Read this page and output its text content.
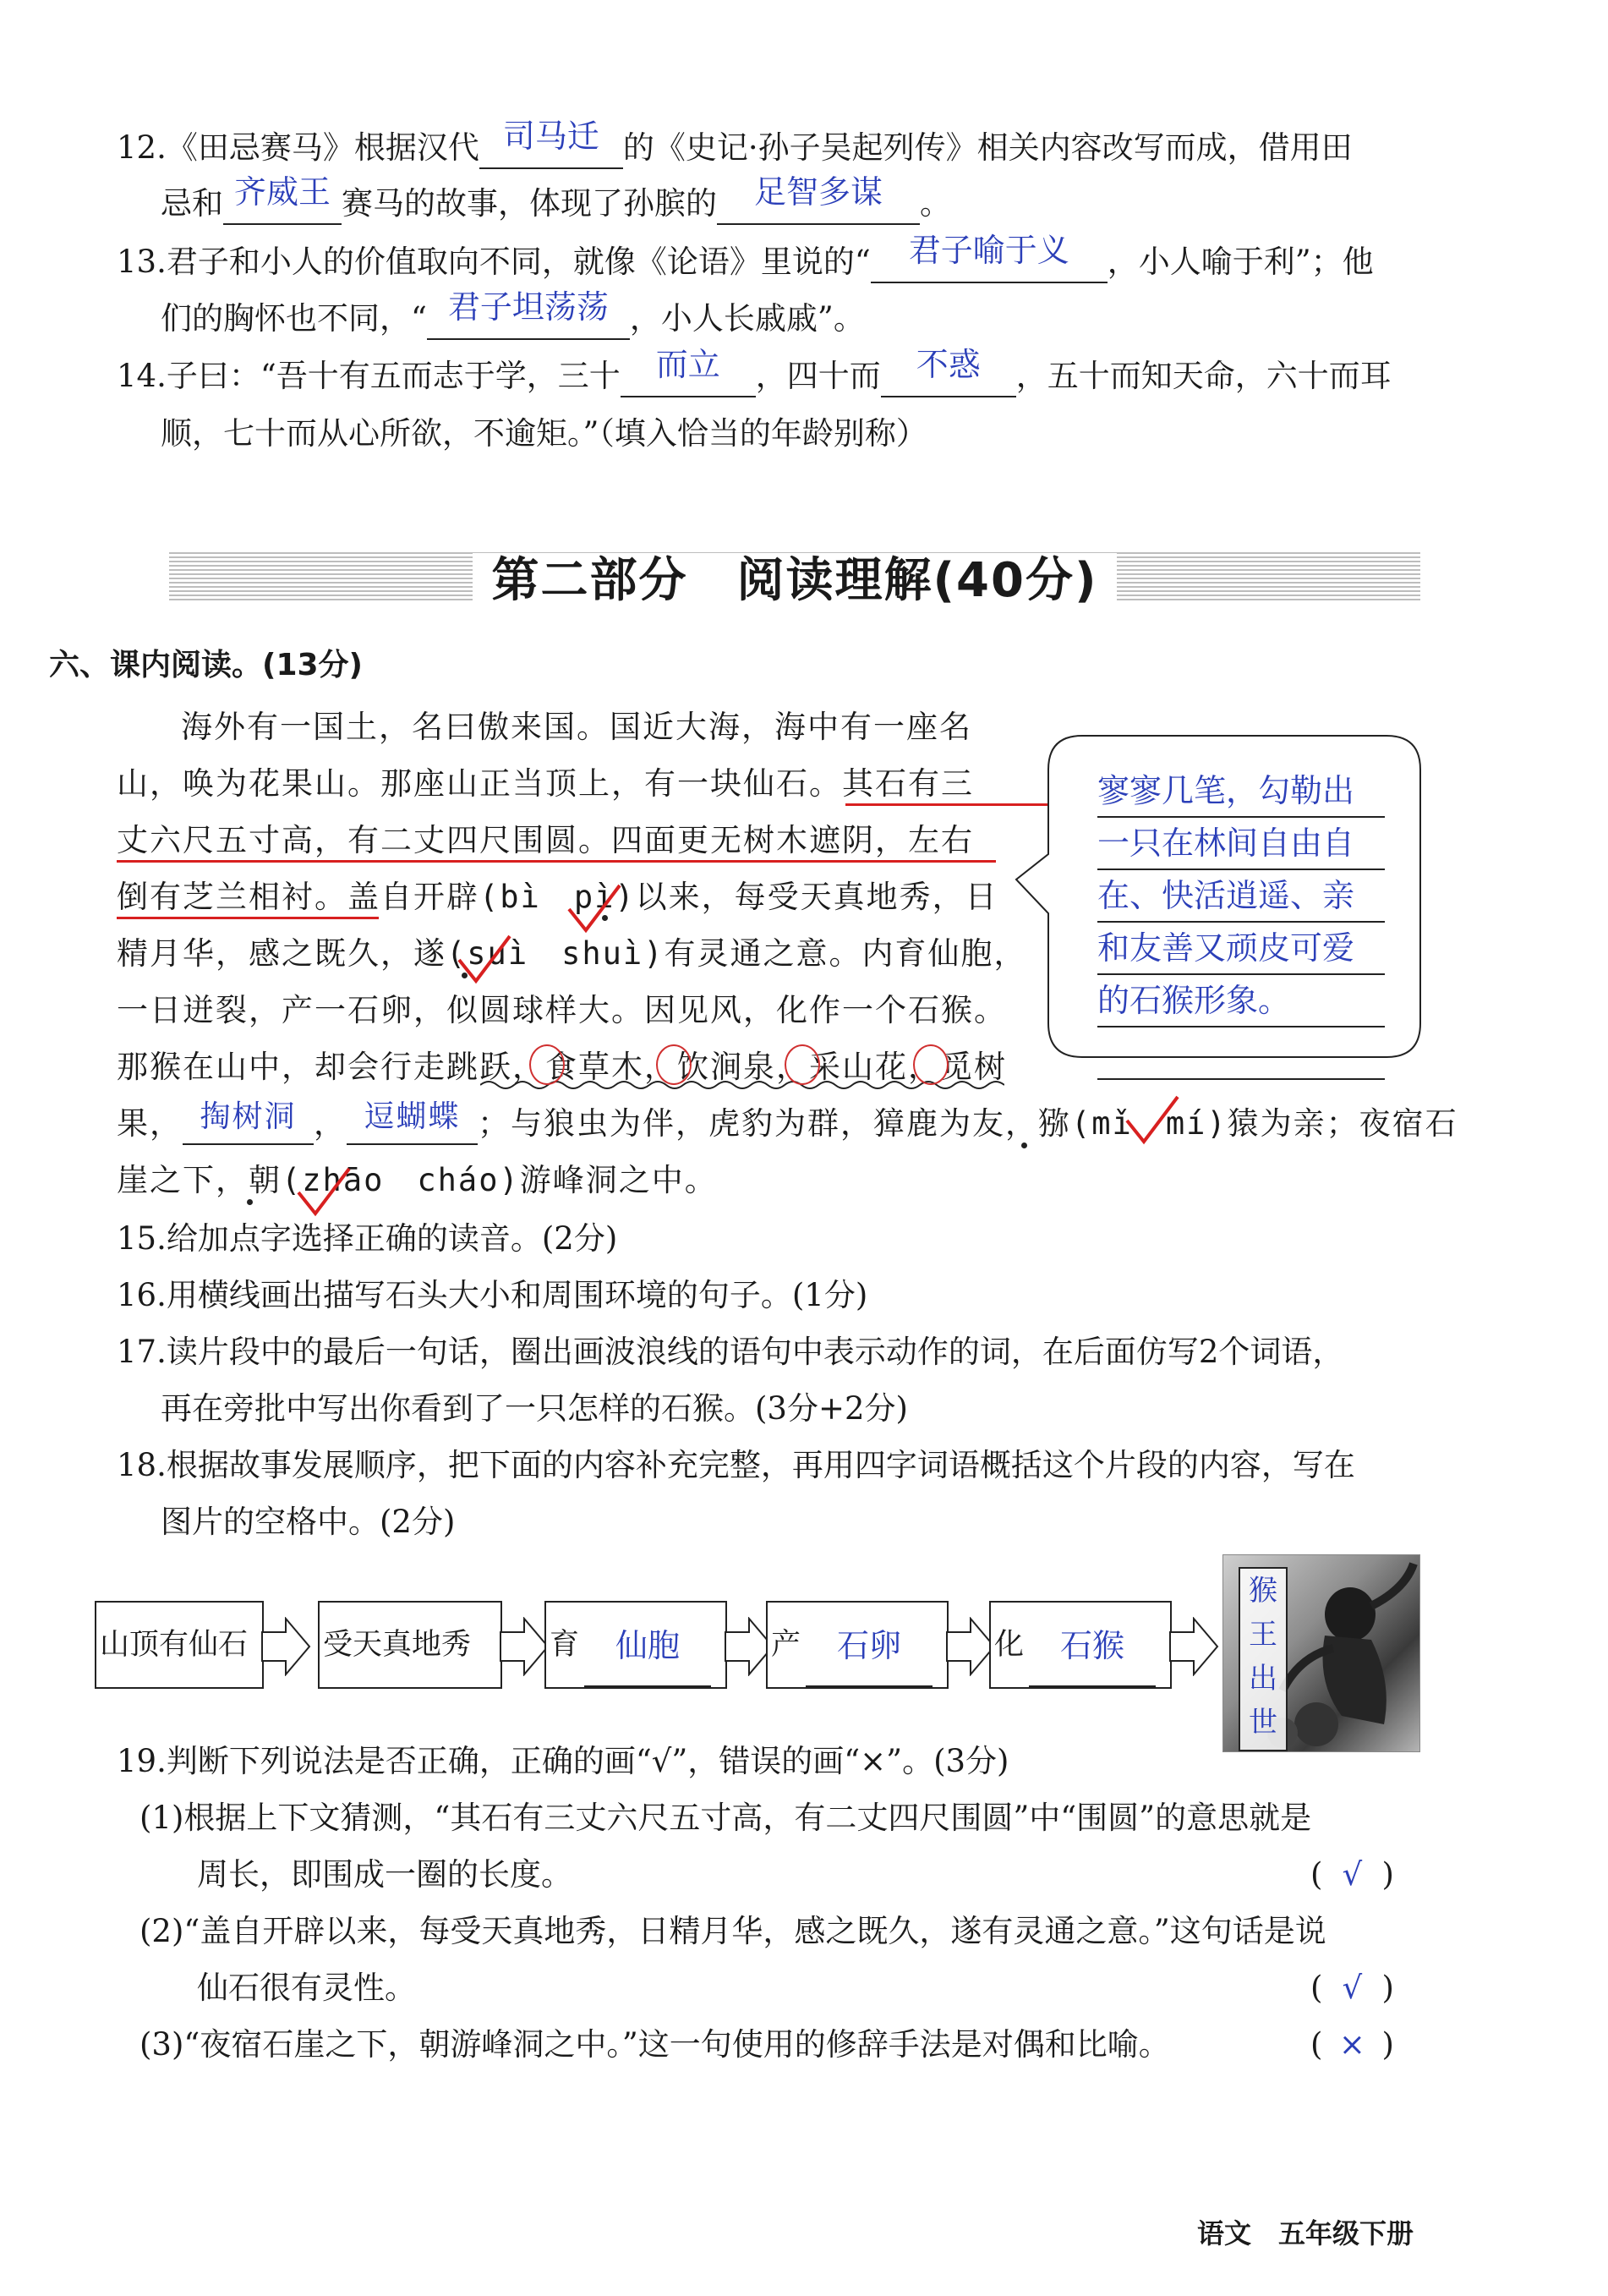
12.《田忌赛马》根据汉代 司马迁 的《史记·孙子吴起列传》相关内容改写而成，借用田
忌和 齐威王 赛马的故事，体现了孙膑的	足智多谋	。
13.君子和小人的价值取向不同，就像《论语》里说的“	君子喻于义	，小人喻于利”；他
们的胸怀也不同，“ 君子坦荡荡 ，小人长戚戚”。
14.子曰：“吾十有五而志于学，三十	而立	，四十而	不惑	，五十而知天命，六十而耳
顺，七十而从心所欲，不逾矩。”（填入恰当的年龄别称）
第二部分　阅读理解(40分)
六、课内阅读。(13分)
海外有一国土，名曰傲来国。国近大海，海中有一座名
山，唤为花果山。那座山正当顶上，有一块仙石。其石有三
丈六尺五寸高，有二丈四尺围圆。四面更无树木遮阴，左右
倒有芝兰相衬。盖自开辟(bì　pì)以来，每受天真地秀，日
精月华，感之既久，遂(suì　shuì)有灵通之意。内育仙胞，
一日迸裂，产一石卵，似圆球样大。因见风，化作一个石猴。
那猴在山中，却会行走跳跃，食草木，饮涧泉，采山花，觅树
果， 掏树洞 ， 逗蝴蝶 ；与狼虫为伴，虎豹为群，獐鹿为友，猕(mǐ　mí)猿为亲；夜宿石
崖之下，朝(zhāo　cháo)游峰洞之中。
寥寥几笔，勾勒出
一只在林间自由自
在、快活逍遥、亲
和友善又顽皮可爱
的石猴形象。
15.给加点字选择正确的读音。(2分)
16.用横线画出描写石头大小和周围环境的句子。(1分)
17.读片段中的最后一句话，圈出画波浪线的语句中表示动作的词，在后面仿写2个词语，
再在旁批中写出你看到了一只怎样的石猴。(3分+2分)
18.根据故事发展顺序，把下面的内容补充完整，再用四字词语概括这个片段的内容，写在
图片的空格中。(2分)
山顶有仙石	受天真地秀	育	仙胞	产	石卵	化	石猴
猴
王
出
世
19.判断下列说法是否正确，正确的画“√”，错误的画“×”。(3分)
(1)根据上下文猜测，“其石有三丈六尺五寸高，有二丈四尺围圆”中“围圆”的意思就是
周长，即围成一圈的长度。	( √ )
(2)“盖自开辟以来，每受天真地秀，日精月华，感之既久，遂有灵通之意。”这句话是说
仙石很有灵性。	( √ )
(3)“夜宿石崖之下，朝游峰洞之中。”这一句使用的修辞手法是对偶和比喻。	( × )
语文　五年级下册
